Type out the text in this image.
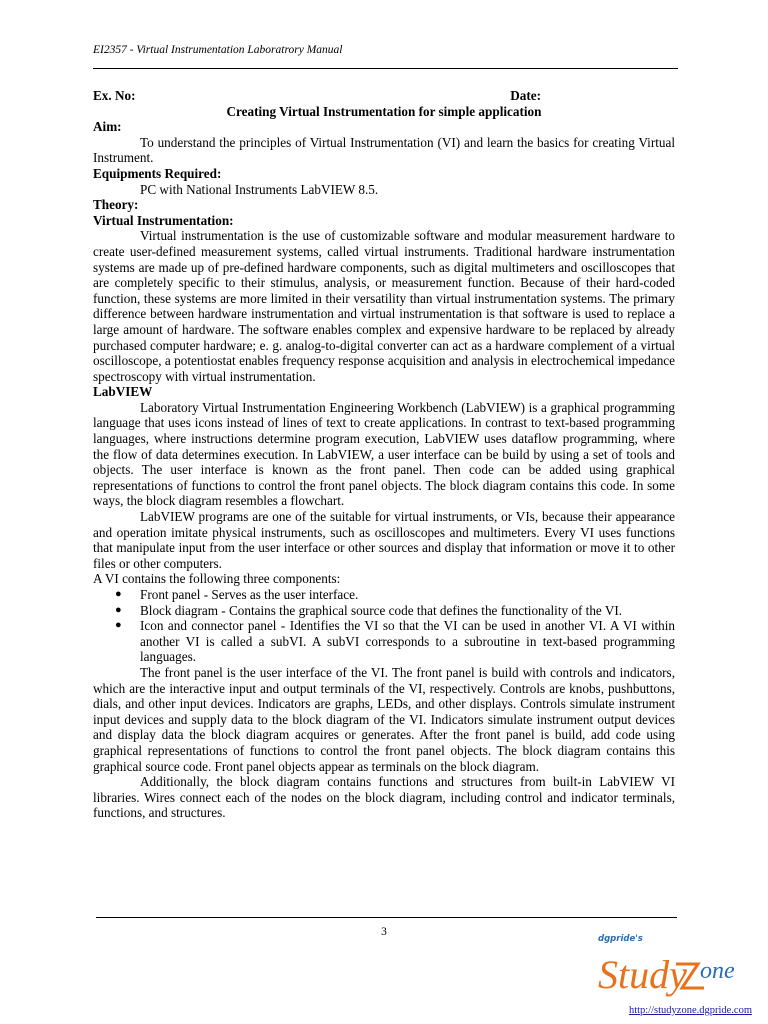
EI2357 - Virtual Instrumentation Laboratrory Manual
Ex. No:	Date:
Creating Virtual Instrumentation for simple application
Aim:

To understand the principles of Virtual Instrumentation (VI) and learn the basics for creating Virtual Instrument.

Equipments Required:

PC with National Instruments LabVIEW 8.5.

Theory:
Virtual Instrumentation:

Virtual instrumentation is the use of customizable software and modular measurement hardware to create user-defined measurement systems, called virtual instruments. Traditional hardware instrumentation systems are made up of pre-defined hardware components, such as digital multimeters and oscilloscopes that are completely specific to their stimulus, analysis, or measurement function. Because of their hard-coded function, these systems are more limited in their versatility than virtual instrumentation systems. The primary difference between hardware instrumentation and virtual instrumentation is that software is used to replace a large amount of hardware. The software enables complex and expensive hardware to be replaced by already purchased computer hardware; e. g. analog-to-digital converter can act as a hardware complement of a virtual oscilloscope, a potentiostat enables frequency response acquisition and analysis in electrochemical impedance spectroscopy with virtual instrumentation.

LabVIEW

Laboratory Virtual Instrumentation Engineering Workbench (LabVIEW) is a graphical programming language that uses icons instead of lines of text to create applications. In contrast to text-based programming languages, where instructions determine program execution, LabVIEW uses dataflow programming, where the flow of data determines execution. In LabVIEW, a user interface can be build by using a set of tools and objects. The user interface is known as the front panel. Then code can be added using graphical representations of functions to control the front panel objects. The block diagram contains this code. In some ways, the block diagram resembles a flowchart.

LabVIEW programs are one of the suitable for virtual instruments, or VIs, because their appearance and operation imitate physical instruments, such as oscilloscopes and multimeters. Every VI uses functions that manipulate input from the user interface or other sources and display that information or move it to other files or other computers.

A VI contains the following three components:

● Front panel - Serves as the user interface.
● Block diagram - Contains the graphical source code that defines the functionality of the VI.
● Icon and connector panel - Identifies the VI so that the VI can be used in another VI. A VI within another VI is called a subVI. A subVI corresponds to a subroutine in text-based programming languages.

The front panel is the user interface of the VI. The front panel is build with controls and indicators, which are the interactive input and output terminals of the VI, respectively. Controls are knobs, pushbuttons, dials, and other input devices. Indicators are graphs, LEDs, and other displays. Controls simulate instrument input devices and supply data to the block diagram of the VI. Indicators simulate instrument output devices and display data the block diagram acquires or generates. After the front panel is build, add code using graphical representations of functions to control the front panel objects. The block diagram contains this graphical source code. Front panel objects appear as terminals on the block diagram.

Additionally, the block diagram contains functions and structures from built-in LabVIEW VI libraries. Wires connect each of the nodes on the block diagram, including control and indicator terminals, functions, and structures.

3
dgpride's
Study one
http://studyzone.dgpride.com
